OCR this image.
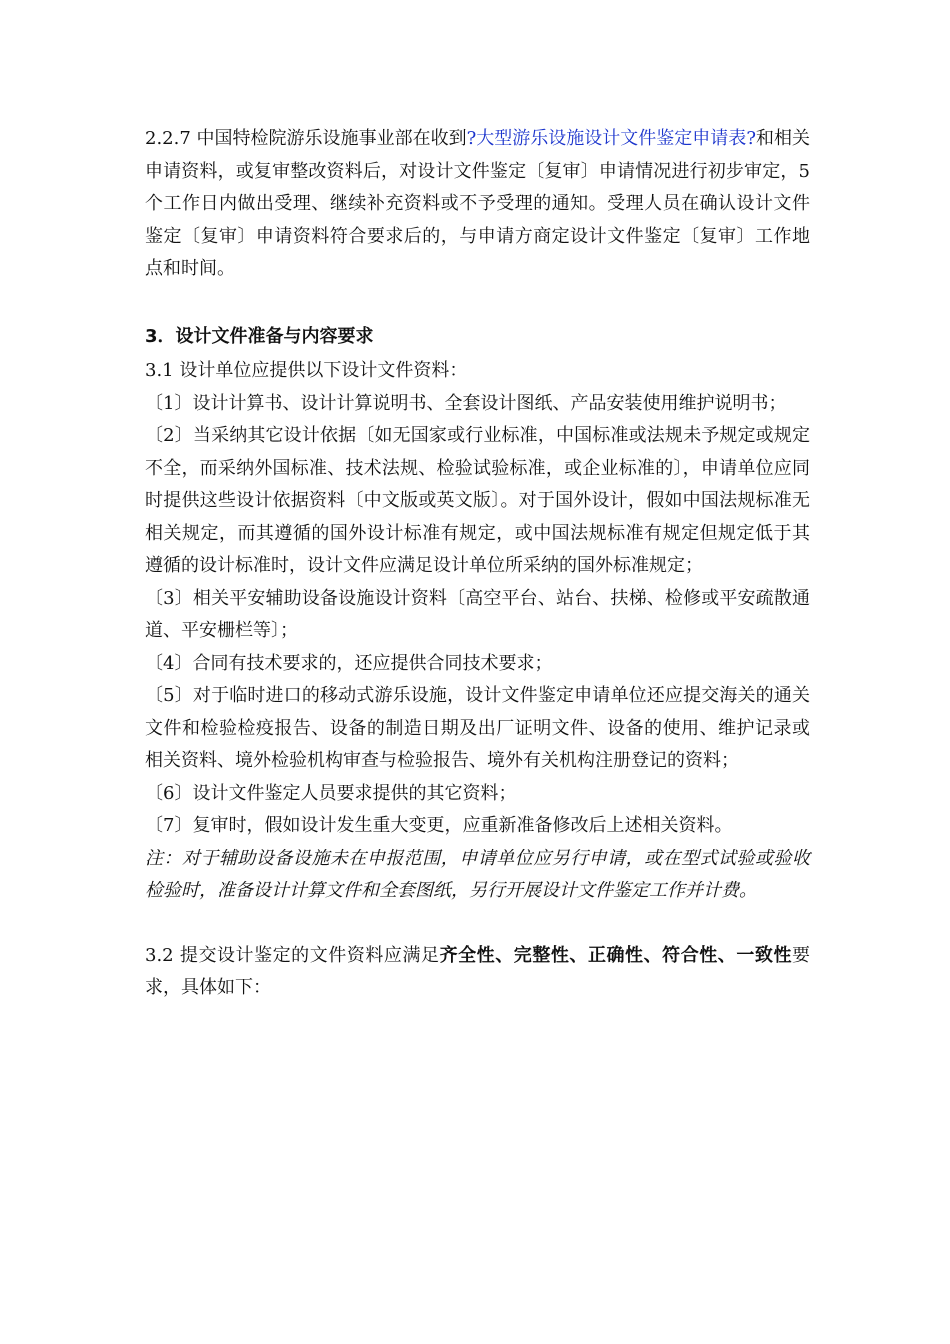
2.2.7 中国特检院游乐设施事业部在收到?大型游乐设施设计文件鉴定申请表?和相关申请资料，或复审整改资料后，对设计文件鉴定〔复审〕申请情况进行初步审定，5个工作日内做出受理、继续补充资料或不予受理的通知。受理人员在确认设计文件鉴定〔复审〕申请资料符合要求后的，与申请方商定设计文件鉴定〔复审〕工作地点和时间。

3．设计文件准备与内容要求

3.1 设计单位应提供以下设计文件资料：

〔1〕设计计算书、设计计算说明书、全套设计图纸、产品安装使用维护说明书；

〔2〕当采纳其它设计依据〔如无国家或行业标准，中国标准或法规未予规定或规定不全，而采纳外国标准、技术法规、检验试验标准，或企业标准的〕，申请单位应同时提供这些设计依据资料〔中文版或英文版〕。对于国外设计，假如中国法规标准无相关规定，而其遵循的国外设计标准有规定，或中国法规标准有规定但规定低于其遵循的设计标准时，设计文件应满足设计单位所采纳的国外标准规定；

〔3〕相关平安辅助设备设施设计资料〔高空平台、站台、扶梯、检修或平安疏散通道、平安栅栏等〕；

〔4〕合同有技术要求的，还应提供合同技术要求；

〔5〕对于临时进口的移动式游乐设施，设计文件鉴定申请单位还应提交海关的通关文件和检验检疫报告、设备的制造日期及出厂证明文件、设备的使用、维护记录或相关资料、境外检验机构审查与检验报告、境外有关机构注册登记的资料；

〔6〕设计文件鉴定人员要求提供的其它资料；

〔7〕复审时，假如设计发生重大变更，应重新准备修改后上述相关资料。

注：对于辅助设备设施未在申报范围，申请单位应另行申请，或在型式试验或验收检验时，准备设计计算文件和全套图纸，另行开展设计文件鉴定工作并计费。

3.2 提交设计鉴定的文件资料应满足齐全性、完整性、正确性、符合性、一致性要求，具体如下：
